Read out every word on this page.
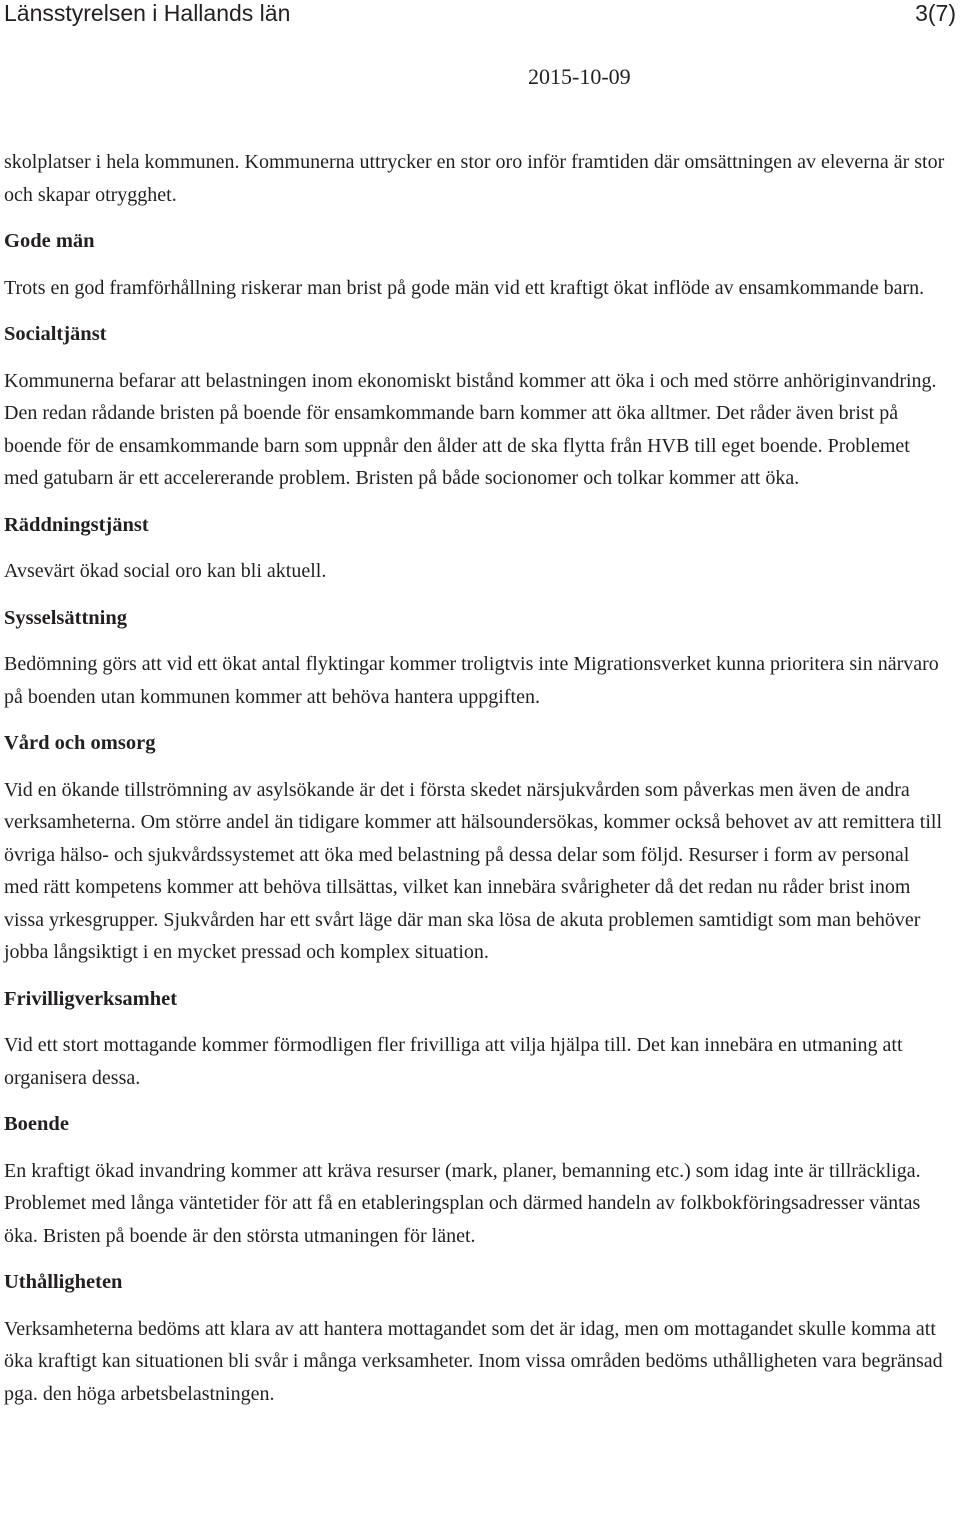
Länsstyrelsen i Hallands län	3(7)
2015-10-09

skolplatser i hela kommunen. Kommunerna uttrycker en stor oro inför framtiden där omsättningen av eleverna är stor och skapar otrygghet.

Gode män

Trots en god framförhållning riskerar man brist på gode män vid ett kraftigt ökat inflöde av ensamkommande barn.

Socialtjänst

Kommunerna befarar att belastningen inom ekonomiskt bistånd kommer att öka i och med större anhöriginvandring. Den redan rådande bristen på boende för ensamkommande barn kommer att öka alltmer. Det råder även brist på boende för de ensamkommande barn som uppnår den ålder att de ska flytta från HVB till eget boende. Problemet med gatubarn är ett accelererande problem. Bristen på både socionomer och tolkar kommer att öka.

Räddningstjänst

Avsevärt ökad social oro kan bli aktuell.

Sysselsättning

Bedömning görs att vid ett ökat antal flyktingar kommer troligtvis inte Migrationsverket kunna prioritera sin närvaro på boenden utan kommunen kommer att behöva hantera uppgiften.

Vård och omsorg

Vid en ökande tillströmning av asylsökande är det i första skedet närsjukvården som påverkas men även de andra verksamheterna. Om större andel än tidigare kommer att hälsoundersökas, kommer också behovet av att remittera till övriga hälso- och sjukvårdssystemet att öka med belastning på dessa delar som följd. Resurser i form av personal med rätt kompetens kommer att behöva tillsättas, vilket kan innebära svårigheter då det redan nu råder brist inom vissa yrkesgrupper. Sjukvården har ett svårt läge där man ska lösa de akuta problemen samtidigt som man behöver jobba långsiktigt i en mycket pressad och komplex situation.

Frivilligverksamhet

Vid ett stort mottagande kommer förmodligen fler frivilliga att vilja hjälpa till. Det kan innebära en utmaning att organisera dessa.

Boende

En kraftigt ökad invandring kommer att kräva resurser (mark, planer, bemanning etc.) som idag inte är tillräckliga. Problemet med långa väntetider för att få en etableringsplan och därmed handeln av folkbokföringsadresser väntas öka. Bristen på boende är den största utmaningen för länet.

Uthålligheten

Verksamheterna bedöms att klara av att hantera mottagandet som det är idag, men om mottagandet skulle komma att öka kraftigt kan situationen bli svår i många verksamheter. Inom vissa områden bedöms uthålligheten vara begränsad pga. den höga arbetsbelastningen.
